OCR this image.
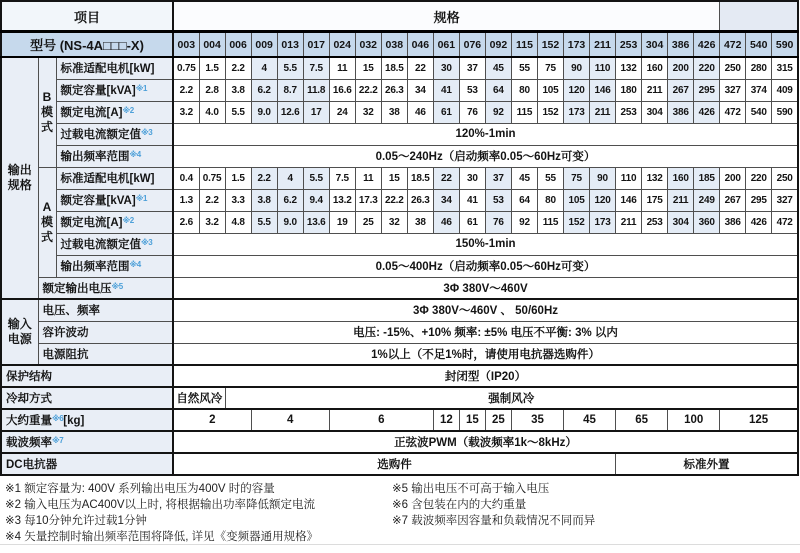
项目			规格																							
型号 (NS-4A□□□-X)			003	004	006	009	013	017	024	032	038	046	061	076	092	115	152	173	211	253	304	386	426	472	540	590
输出规格	B模式	标准适配电机[kW]	0.75	1.5	2.2	4	5.5	7.5	11	15	18.5	22	30	37	45	55	75	90	110	132	160	200	220	250	280	315
		额定容量[kVA]$^{※1}$	2.2	2.8	3.8	6.2	8.7	11.8	16.6	22.2	26.3	34	41	53	64	80	105	120	146	180	211	267	295	327	374	409
		额定电流$[A]^{※2}$	3.2	4.0	5.5	9.0	12.6	17	24	32	38	46	61	76	92	115	152	173	211	253	304	386	426	472	540	590
		过载电流额定值$^{※3}$	120%-1min																							
		输出频率范围$^{※4}$	0.05～240Hz（启动频率0.05～60Hz可变）																							
	A模式	标准适配电机[kW]	0.4	0.75	1.5	2.2	4	5.5	7.5	11	15	18.5	22	30	37	45	55	75	90	110	132	160	185	200	220	250
		额定容量[kVA]$^{※1}$	1.3	2.2	3.3	3.8	6.2	9.4	13.2	17.3	22.2	26.3	34	41	53	64	80	105	120	146	175	211	249	267	295	327
		额定电流$[A]^{※2}$	2.6	3.2	4.8	5.5	9.0	13.6	19	25	32	38	46	61	76	92	115	152	173	211	253	304	360	386	426	472
		过载电流额定值$^{※3}$	150%-1min																							
		输出频率范围$^{※4}$	0.05～400Hz（启动频率0.05～60Hz可变）																							
	额定输出电压$^{※5}$		3Φ 380V～460V																							
输入电源	电压、频率		3Φ 380V～460V 、 50/60Hz																							
	容许波动		电压: -15%、+10% 频率: ±5% 电压不平衡: 3% 以内																							
	电源阻抗		1%以上（不足1%时，请使用电抗器选购件）																							
保护结构			封闭型（IP20）																							
冷却方式			自然风冷		强制风冷																					
大约重量$^{※6}$[kg]			2			4			6				12	15	25	35		45		65		100		125		
载波频率$^{※7}$			正弦波PWM（载波频率1k～8kHz）																							
DC电抗器			选购件																	标准外置						
※1 额定容量为: 400V 系列输出电压为400V 时的容量
※2 输入电压为AC400V以上时, 将根据输出功率降低额定电流
※3 每10分钟允许过载1分钟
※4 矢量控制时输出频率范围将降低, 详见《变频器通用规格》
※5 输出电压不可高于输入电压
※6 含包装在内的大约重量
※7 载波频率因容量和负载情况不同而异
